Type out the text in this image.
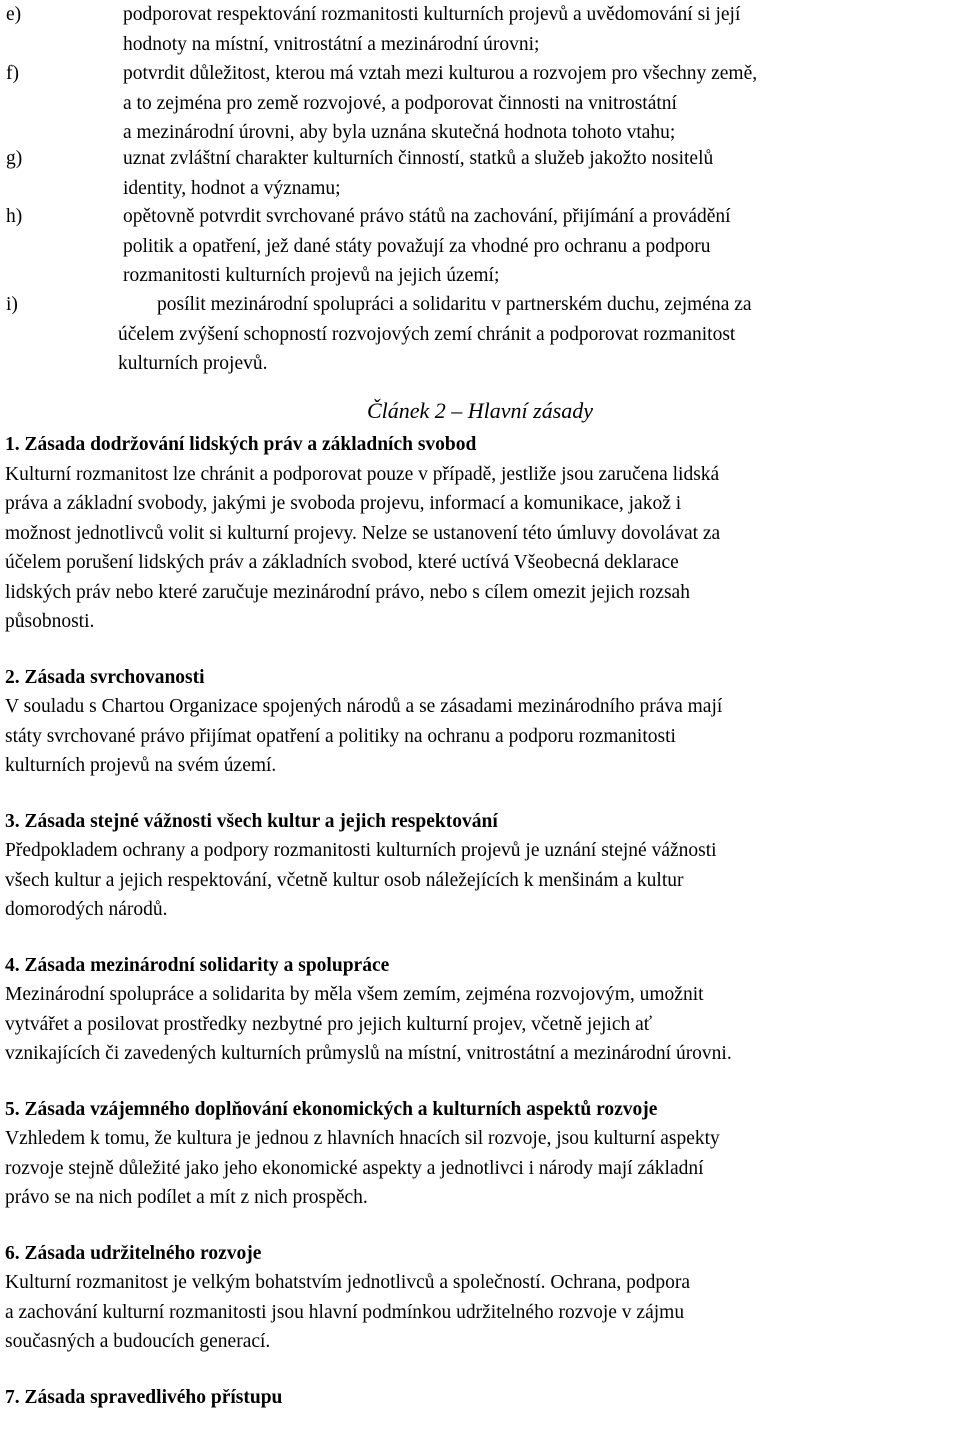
e)	podporovat respektování rozmanitosti kulturních projevů a uvědomování si její
hodnoty na místní, vnitrostátní a mezinárodní úrovni;
f)	potvrdit důležitost, kterou má vztah mezi kulturou a rozvojem pro všechny země,
a to zejména pro země rozvojové, a podporovat činnosti na vnitrostátní
a mezinárodní úrovni, aby byla uznána skutečná hodnota tohoto vtahu;
g)	uznat zvláštní charakter kulturních činností, statků a služeb jakožto nositelů
identity, hodnot a významu;
h)	opětovně potvrdit svrchované právo států na zachování, přijímání a provádění
politik a opatření, jež dané státy považují za vhodné pro ochranu a podporu
rozmanitosti kulturních projevů na jejich území;
i)	posílit mezinárodní spolupráci a solidaritu v partnerském duchu, zejména za
účelem zvýšení schopností rozvojových zemí chránit a podporovat rozmanitost
kulturních projevů.
Článek 2 – Hlavní zásady
1. Zásada dodržování lidských práv a základních svobod
Kulturní rozmanitost lze chránit a podporovat pouze v případě, jestliže jsou zaručena lidská
práva a základní svobody, jakými je svoboda projevu, informací a komunikace, jakož i
možnost jednotlivců volit si kulturní projevy. Nelze se ustanovení této úmluvy dovolávat za
účelem porušení lidských práv a základních svobod, které uctívá Všeobecná deklarace
lidských práv nebo které zaručuje mezinárodní právo, nebo s cílem omezit jejich rozsah
působnosti.
2. Zásada svrchovanosti
V souladu s Chartou Organizace spojených národů a se zásadami mezinárodního práva mají
státy svrchované právo přijímat opatření a politiky na ochranu a podporu rozmanitosti
kulturních projevů na svém území.
3. Zásada stejné vážnosti všech kultur a jejich respektování
Předpokladem ochrany a podpory rozmanitosti kulturních projevů je uznání stejné vážnosti
všech kultur a jejich respektování, včetně kultur osob náležejících k menšinám a kultur
domorodých národů.
4. Zásada mezinárodní solidarity a spolupráce
Mezinárodní spolupráce a solidarita by měla všem zemím, zejména rozvojovým, umožnit
vytvářet a posilovat prostředky nezbytné pro jejich kulturní projev, včetně jejich ať
vznikajících či zavedených kulturních průmyslů na místní, vnitrostátní a mezinárodní úrovni.
5. Zásada vzájemného doplňování ekonomických a kulturních aspektů rozvoje
Vzhledem k tomu, že kultura je jednou z hlavních hnacích sil rozvoje, jsou kulturní aspekty
rozvoje stejně důležité jako jeho ekonomické aspekty a jednotlivci i národy mají základní
právo se na nich podílet a mít z nich prospěch.
6. Zásada udržitelného rozvoje
Kulturní rozmanitost je velkým bohatstvím jednotlivců a společností. Ochrana, podpora
a zachování kulturní rozmanitosti jsou hlavní podmínkou udržitelného rozvoje v zájmu
současných a budoucích generací.
7. Zásada spravedlivého přístupu
